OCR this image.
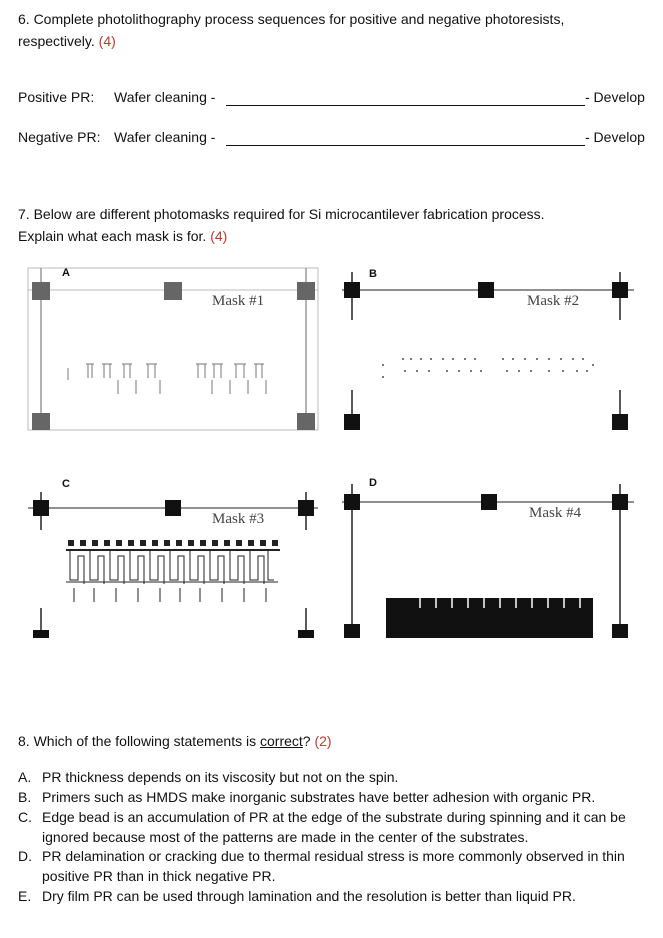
6. Complete photolithography process sequences for positive and negative photoresists,
respectively. (4)
Positive PR: Wafer cleaning -	- Develop
Negative PR: Wafer cleaning -	- Develop
7. Below are different photomasks required for Si microcantilever fabrication process.
Explain what each mask is for. (4)
A
Mask #1
B
Mask #2
C
Mask #3
D
Mask #4
8. Which of the following statements is correct? (2)
A. PR thickness depends on its viscosity but not on the spin.
B. Primers such as HMDS make inorganic substrates have better adhesion with organic PR.
C. Edge bead is an accumulation of PR at the edge of the substrate during spinning and it can be ignored because most of the patterns are made in the center of the substrates.
D. PR delamination or cracking due to thermal residual stress is more commonly observed in thin positive PR than in thick negative PR.
E. Dry film PR can be used through lamination and the resolution is better than liquid PR.
